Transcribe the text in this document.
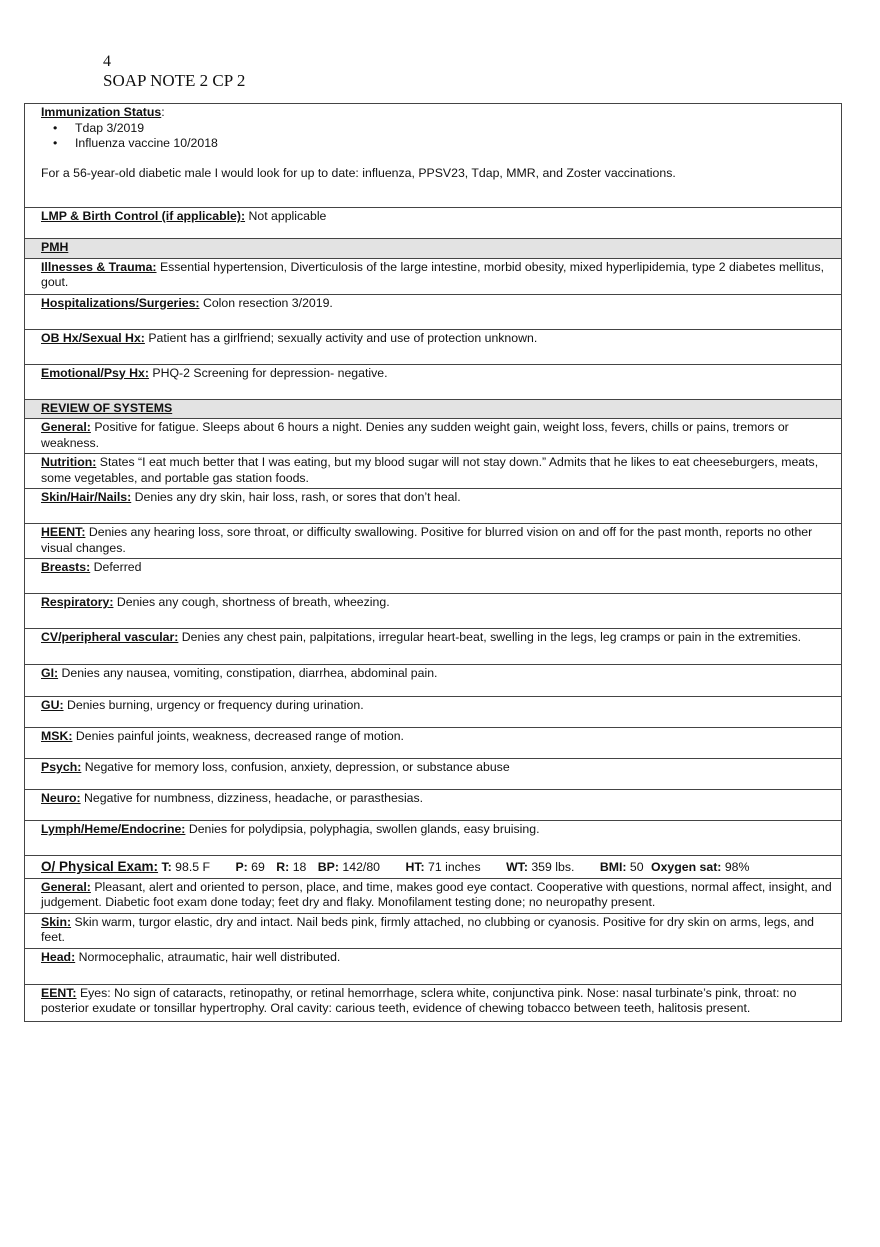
4
SOAP NOTE 2 CP 2
Immunization Status:
• Tdap 3/2019
• Influenza vaccine 10/2018
For a 56-year-old diabetic male I would look for up to date: influenza, PPSV23, Tdap, MMR, and Zoster vaccinations.

LMP & Birth Control (if applicable): Not applicable
PMH
Illnesses & Trauma: Essential hypertension, Diverticulosis of the large intestine, morbid obesity, mixed hyperlipidemia, type 2 diabetes mellitus, gout.
Hospitalizations/Surgeries: Colon resection 3/2019.
OB Hx/Sexual Hx: Patient has a girlfriend; sexually activity and use of protection unknown.
Emotional/Psy Hx: PHQ-2 Screening for depression- negative.
REVIEW OF SYSTEMS
General: Positive for fatigue. Sleeps about 6 hours a night. Denies any sudden weight gain, weight loss, fevers, chills or pains, tremors or weakness.
Nutrition: States “I eat much better that I was eating, but my blood sugar will not stay down.” Admits that he likes to eat cheeseburgers, meats, some vegetables, and portable gas station foods.
Skin/Hair/Nails: Denies any dry skin, hair loss, rash, or sores that don’t heal.
HEENT: Denies any hearing loss, sore throat, or difficulty swallowing. Positive for blurred vision on and off for the past month, reports no other visual changes.
Breasts: Deferred
Respiratory: Denies any cough, shortness of breath, wheezing.
CV/peripheral vascular: Denies any chest pain, palpitations, irregular heart-beat, swelling in the legs, leg cramps or pain in the extremities.
GI: Denies any nausea, vomiting, constipation, diarrhea, abdominal pain.
GU: Denies burning, urgency or frequency during urination.
MSK: Denies painful joints, weakness, decreased range of motion.
Psych: Negative for memory loss, confusion, anxiety, depression, or substance abuse
Neuro: Negative for numbness, dizziness, headache, or parasthesias.
Lymph/Heme/Endocrine: Denies for polydipsia, polyphagia, swollen glands, easy bruising.
O/ Physical Exam: T: 98.5 F P: 69 R: 18 BP: 142/80 HT: 71 inches WT: 359 lbs. BMI: 50 Oxygen sat: 98%
General: Pleasant, alert and oriented to person, place, and time, makes good eye contact. Cooperative with questions, normal affect, insight, and judgement. Diabetic foot exam done today; feet dry and flaky. Monofilament testing done; no neuropathy present.
Skin: Skin warm, turgor elastic, dry and intact. Nail beds pink, firmly attached, no clubbing or cyanosis. Positive for dry skin on arms, legs, and feet.
Head: Normocephalic, atraumatic, hair well distributed.
EENT: Eyes: No sign of cataracts, retinopathy, or retinal hemorrhage, sclera white, conjunctiva pink. Nose: nasal turbinate’s pink, throat: no posterior exudate or tonsillar hypertrophy. Oral cavity: carious teeth, evidence of chewing tobacco between teeth, halitosis present.
